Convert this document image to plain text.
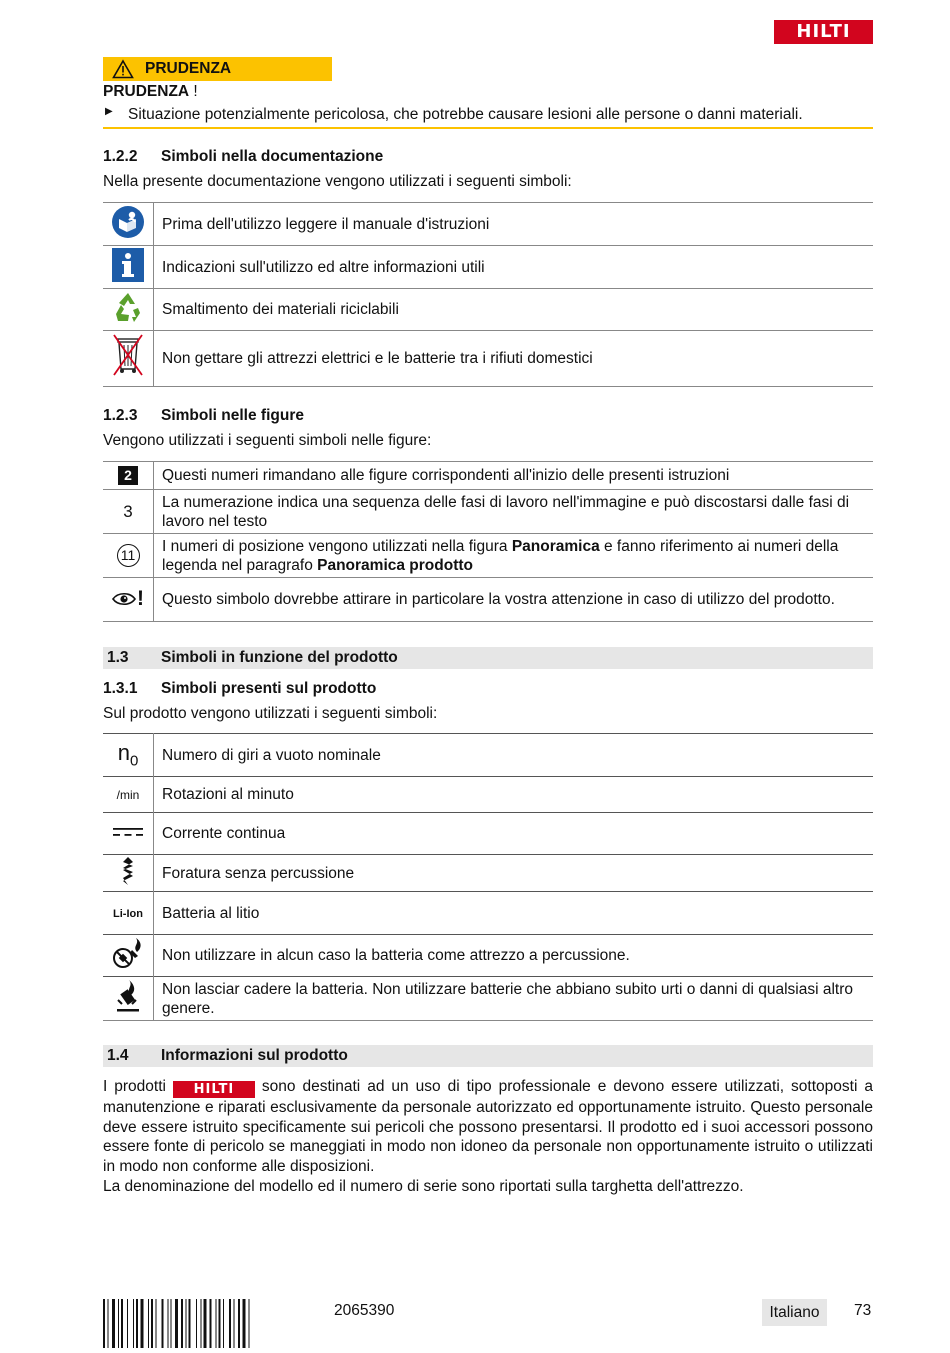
HILTI
PRUDENZA
PRUDENZA !
▶ Situazione potenzialmente pericolosa, che potrebbe causare lesioni alle persone o danni materiali.
1.2.2 Simboli nella documentazione
Nella presente documentazione vengono utilizzati i seguenti simboli:
	Prima dell'utilizzo leggere il manuale d'istruzioni
	Indicazioni sull'utilizzo ed altre informazioni utili
	Smaltimento dei materiali riciclabili
	Non gettare gli attrezzi elettrici e le batterie tra i rifiuti domestici
1.2.3 Simboli nelle figure
Vengono utilizzati i seguenti simboli nelle figure:
2	Questi numeri rimandano alle figure corrispondenti all'inizio delle presenti istruzioni
3	La numerazione indica una sequenza delle fasi di lavoro nell'immagine e può discostarsi dalle fasi di lavoro nel testo
11	I numeri di posizione vengono utilizzati nella figura Panoramica e fanno riferimento ai numeri della legenda nel paragrafo Panoramica prodotto

!	Questo simbolo dovrebbe attirare in particolare la vostra attenzione in caso di utilizzo del prodotto.
1.3 Simboli in funzione del prodotto
1.3.1 Simboli presenti sul prodotto
Sul prodotto vengono utilizzati i seguenti simboli:
$n_0$	Numero di giri a vuoto nominale
/min	Rotazioni al minuto
	Corrente continua
	Foratura senza percussione
Li-Ion	Batteria al litio
	Non utilizzare in alcun caso la batteria come attrezzo a percussione.
	Non lasciar cadere la batteria. Non utilizzare batterie che abbiano subito urti o danni di qualsiasi altro genere.
1.4 Informazioni sul prodotto
I prodotti HILTI sono destinati ad un uso di tipo professionale e devono essere utilizzati, sottoposti a manutenzione e riparati esclusivamente da personale autorizzato ed opportunamente istruito. Questo personale deve essere istruito specificamente sui pericoli che possono presentarsi. Il prodotto ed i suoi accessori possono essere fonte di pericolo se maneggiati in modo non idoneo da personale non opportunamente istruito o utilizzati in modo non conforme alle disposizioni.
La denominazione del modello ed il numero di serie sono riportati sulla targhetta dell'attrezzo.
2065390	Italiano	73
